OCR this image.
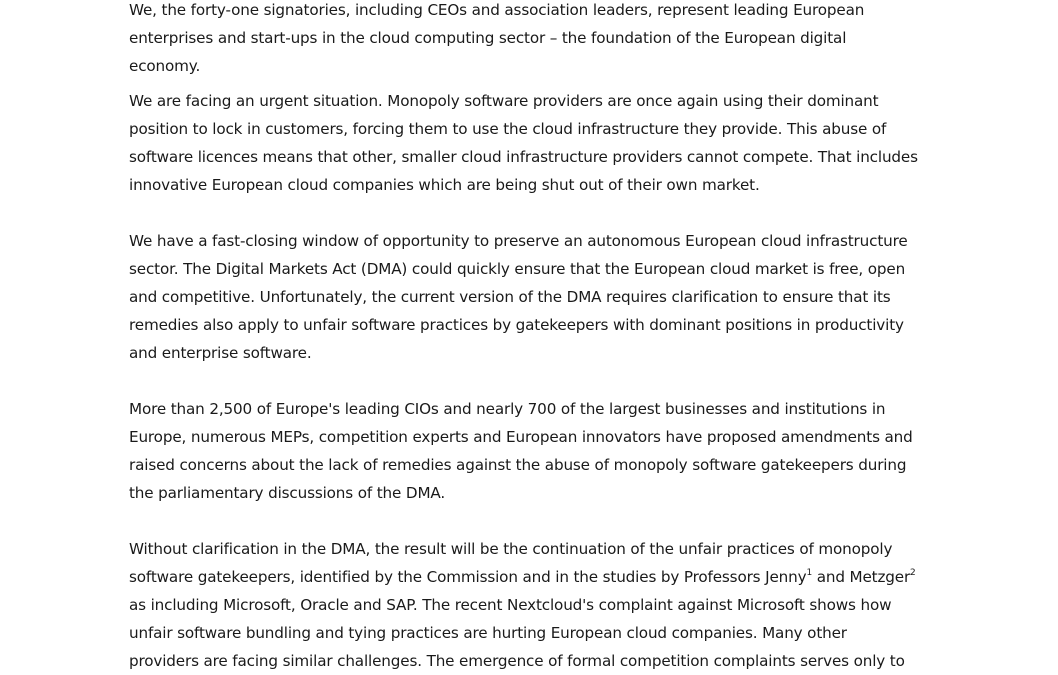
We, the forty-one signatories, including CEOs and association leaders, represent leading European
enterprises and start-ups in the cloud computing sector – the foundation of the European digital
economy.

We are facing an urgent situation. Monopoly software providers are once again using their dominant
position to lock in customers, forcing them to use the cloud infrastructure they provide. This abuse of
software licences means that other, smaller cloud infrastructure providers cannot compete. That includes
innovative European cloud companies which are being shut out of their own market.

We have a fast-closing window of opportunity to preserve an autonomous European cloud infrastructure
sector. The Digital Markets Act (DMA) could quickly ensure that the European cloud market is free, open
and competitive. Unfortunately, the current version of the DMA requires clarification to ensure that its
remedies also apply to unfair software practices by gatekeepers with dominant positions in productivity
and enterprise software.

More than 2,500 of Europe's leading CIOs and nearly 700 of the largest businesses and institutions in
Europe, numerous MEPs, competition experts and European innovators have proposed amendments and
raised concerns about the lack of remedies against the abuse of monopoly software gatekeepers during
the parliamentary discussions of the DMA.

Without clarification in the DMA, the result will be the continuation of the unfair practices of monopoly
software gatekeepers, identified by the Commission and in the studies by Professors Jenny$^1$ and Metzger$^2$
as including Microsoft, Oracle and SAP. The recent Nextcloud's complaint against Microsoft shows how
unfair software bundling and tying practices are hurting European cloud companies. Many other
providers are facing similar challenges. The emergence of formal competition complaints serves only to
